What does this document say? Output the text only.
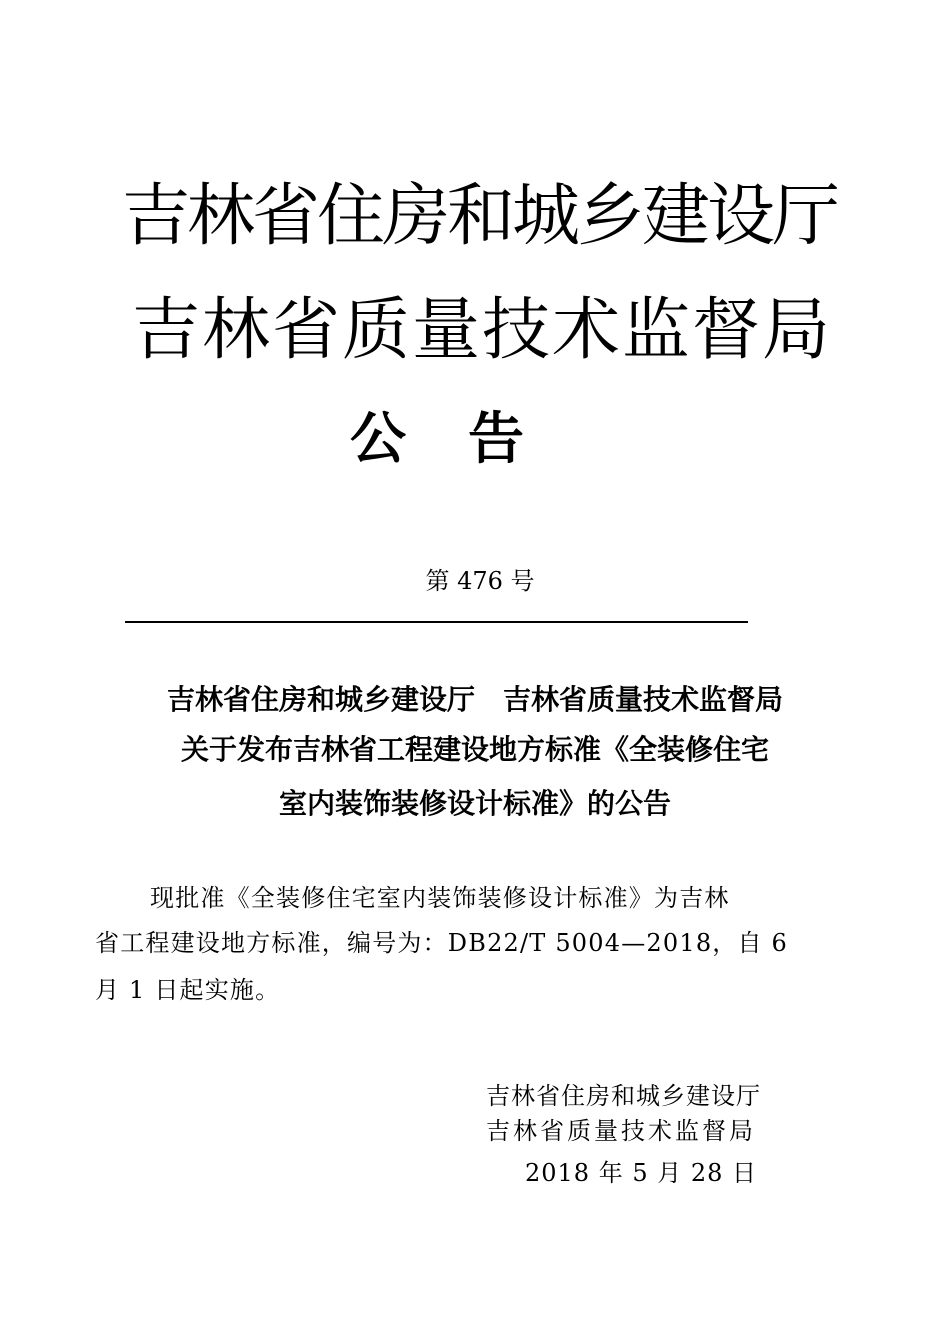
吉林省住房和城乡建设厅
吉林省质量技术监督局
公告
第 476 号
吉林省住房和城乡建设厅　吉林省质量技术监督局
关于发布吉林省工程建设地方标准《全装修住宅
室内装饰装修设计标准》的公告
现批准《全装修住宅室内装饰装修设计标准》为吉林
省工程建设地方标准，编号为：DB22/T 5004—2018，自 6
月 1 日起实施。
吉林省住房和城乡建设厅
吉林省质量技术监督局
2018 年 5 月 28 日
